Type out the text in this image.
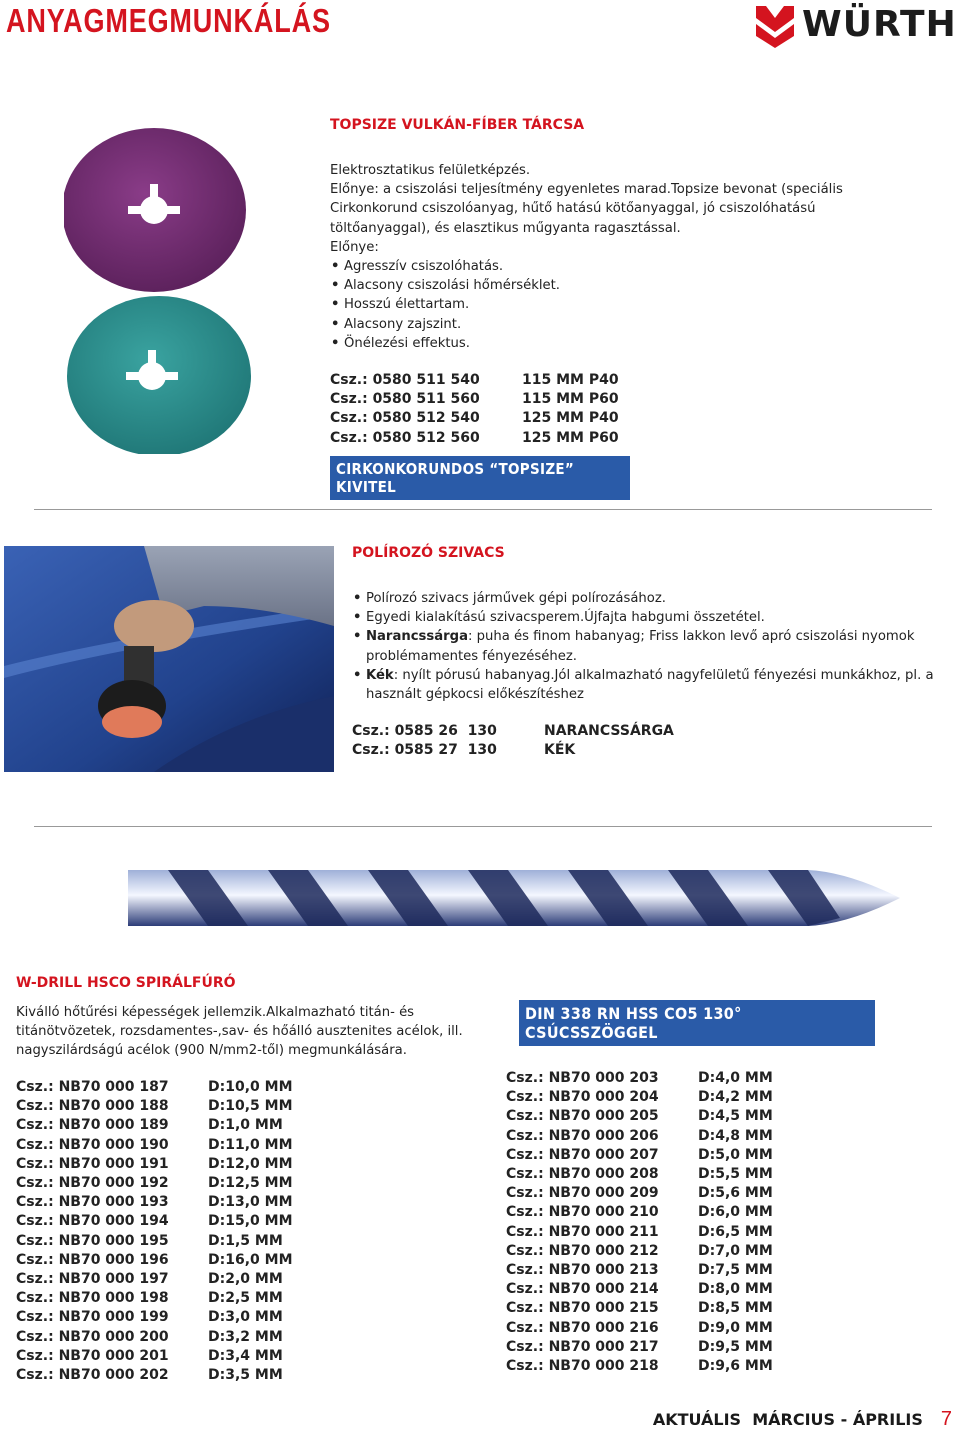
ANYAGMEGMUNKÁLÁS	WÜRTH
TOPSIZE VULKÁN-FÍBER TÁRCSA
Elektrosztatikus felületképzés.
Előnye: a csiszolási teljesítmény egyenletes marad.Topsize bevonat (speciális Cirkonkorund csiszolóanyag, hűtő hatású kötőanyaggal, jó csiszolóhatású töltőanyaggal), és elasztikus műgyanta ragasztással.
Előnye:
• Agresszív csiszolóhatás.
• Alacsony csiszolási hőmérséklet.
• Hosszú élettartam.
• Alacsony zajszint.
• Önélezési effektus.
Csz.: 0580 511 540	115 MM P40
Csz.: 0580 511 560	115 MM P60
Csz.: 0580 512 540	125 MM P40
Csz.: 0580 512 560	125 MM P60
CIRKONKORUNDOS “TOPSIZE” KIVITEL
POLÍROZÓ SZIVACS
• Polírozó szivacs járművek gépi polírozásához.
• Egyedi kialakítású szivacsperem.Újfajta habgumi összetétel.
• Narancssárga: puha és finom habanyag; Friss lakkon levő apró csiszolási nyomok problémamentes fényezéséhez.
• Kék: nyílt pórusú habanyag.Jól alkalmazható nagyfelületű fényezési munkákhoz, pl. a használt gépkocsi előkészítéshez
Csz.: 0585 26  130	NARANCSSÁRGA
Csz.: 0585 27  130	KÉK
W-DRILL HSCO SPIRÁLFÚRÓ
Kiválló hőtűrési képességek jellemzik.Alkalmazható titán- és titánötvözetek, rozsdamentes-,sav- és hőálló ausztenites acélok, ill. nagyszilárdságú acélok (900 N/mm2-től) megmunkálására.
DIN 338 RN HSS CO5 130° CSÚCSSZÖGGEL
Csz.: NB70 000 187	D:10,0 MM
Csz.: NB70 000 188	D:10,5 MM
Csz.: NB70 000 189	D:1,0 MM
Csz.: NB70 000 190	D:11,0 MM
Csz.: NB70 000 191	D:12,0 MM
Csz.: NB70 000 192	D:12,5 MM
Csz.: NB70 000 193	D:13,0 MM
Csz.: NB70 000 194	D:15,0 MM
Csz.: NB70 000 195	D:1,5 MM
Csz.: NB70 000 196	D:16,0 MM
Csz.: NB70 000 197	D:2,0 MM
Csz.: NB70 000 198	D:2,5 MM
Csz.: NB70 000 199	D:3,0 MM
Csz.: NB70 000 200	D:3,2 MM
Csz.: NB70 000 201	D:3,4 MM
Csz.: NB70 000 202	D:3,5 MM
Csz.: NB70 000 203	D:4,0 MM
Csz.: NB70 000 204	D:4,2 MM
Csz.: NB70 000 205	D:4,5 MM
Csz.: NB70 000 206	D:4,8 MM
Csz.: NB70 000 207	D:5,0 MM
Csz.: NB70 000 208	D:5,5 MM
Csz.: NB70 000 209	D:5,6 MM
Csz.: NB70 000 210	D:6,0 MM
Csz.: NB70 000 211	D:6,5 MM
Csz.: NB70 000 212	D:7,0 MM
Csz.: NB70 000 213	D:7,5 MM
Csz.: NB70 000 214	D:8,0 MM
Csz.: NB70 000 215	D:8,5 MM
Csz.: NB70 000 216	D:9,0 MM
Csz.: NB70 000 217	D:9,5 MM
Csz.: NB70 000 218	D:9,6 MM
AKTUÁLIS  MÁRCIUS - ÁPRILIS 7
